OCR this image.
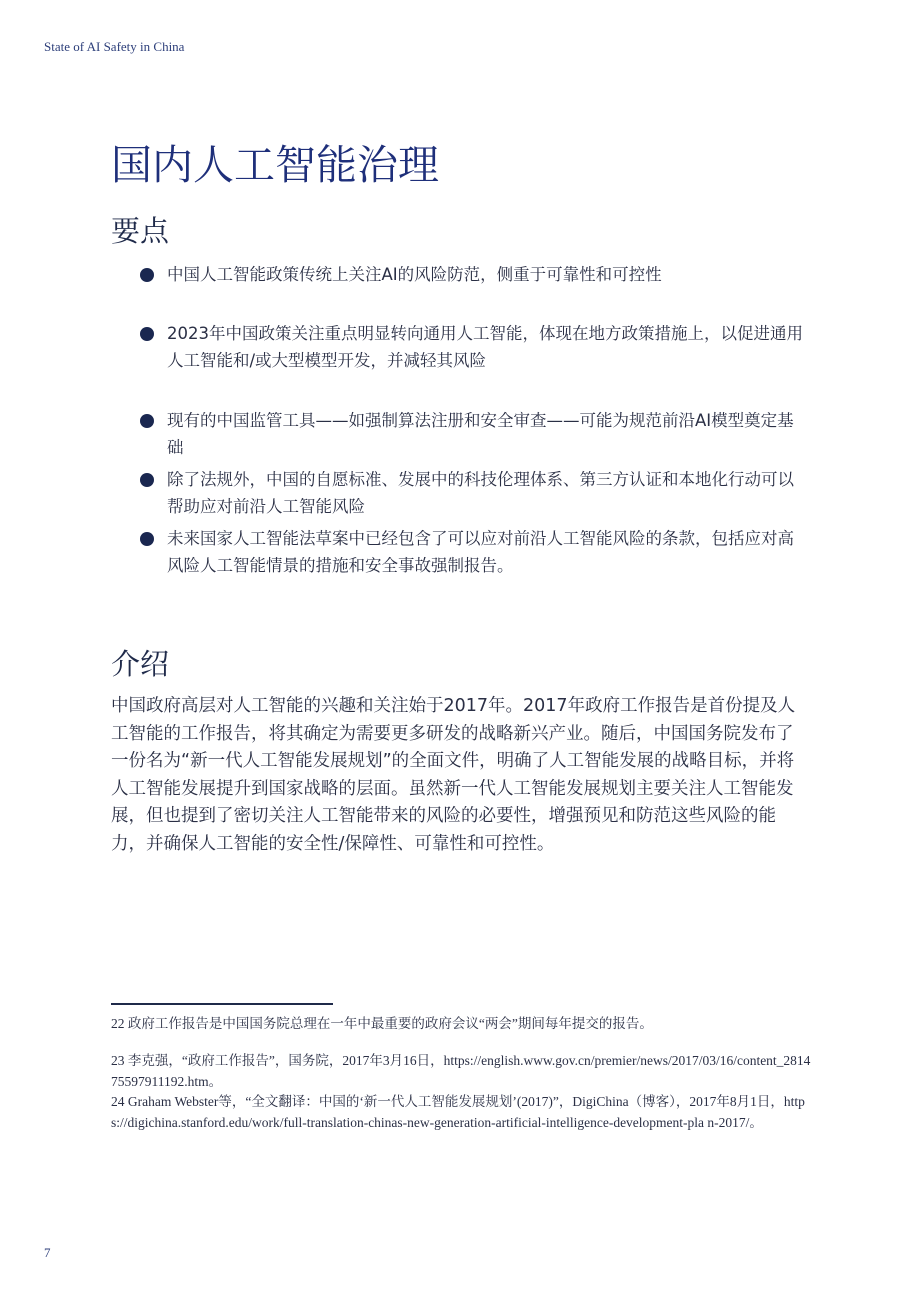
State of AI Safety in China
国内人工智能治理
要点
中国人工智能政策传统上关注AI的风险防范，侧重于可靠性和可控性
2023年中国政策关注重点明显转向通用人工智能，体现在地方政策措施上，以促进通用人工智能和/或大型模型开发，并减轻其风险
现有的中国监管工具——如强制算法注册和安全审查——可能为规范前沿AI模型奠定基础
除了法规外，中国的自愿标准、发展中的科技伦理体系、第三方认证和本地化行动可以帮助应对前沿人工智能风险
未来国家人工智能法草案中已经包含了可以应对前沿人工智能风险的条款，包括应对高风险人工智能情景的措施和安全事故强制报告。
介绍

中国政府高层对人工智能的兴趣和关注始于2017年。2017年政府工作报告是首份提及人工智能的工作报告，将其确定为需要更多研发的战略新兴产业。随后，中国国务院发布了一份名为“新一代人工智能发展规划”的全面文件，明确了人工智能发展的战略目标，并将人工智能发展提升到国家战略的层面。虽然新一代人工智能发展规划主要关注人工智能发展，但也提到了密切关注人工智能带来的风险的必要性，增强预见和防范这些风险的能力，并确保人工智能的安全性/保障性、可靠性和可控性。

22 政府工作报告是中国国务院总理在一年中最重要的政府会议“两会”期间每年提交的报告。
23 李克强，“政府工作报告”，国务院，2017年3月16日，https://english.www.gov.cn/premier/news/2017/03/16/content_281475597911192.htm。
24 Graham Webster等，“全文翻译：中国的‘新一代人工智能发展规划’(2017)”，DigiChina（博客），2017年8月1日，https://digichina.stanford.edu/work/full-translation-chinas-new-generation-artificial-intelligence-development-pla n-2017/。
7
